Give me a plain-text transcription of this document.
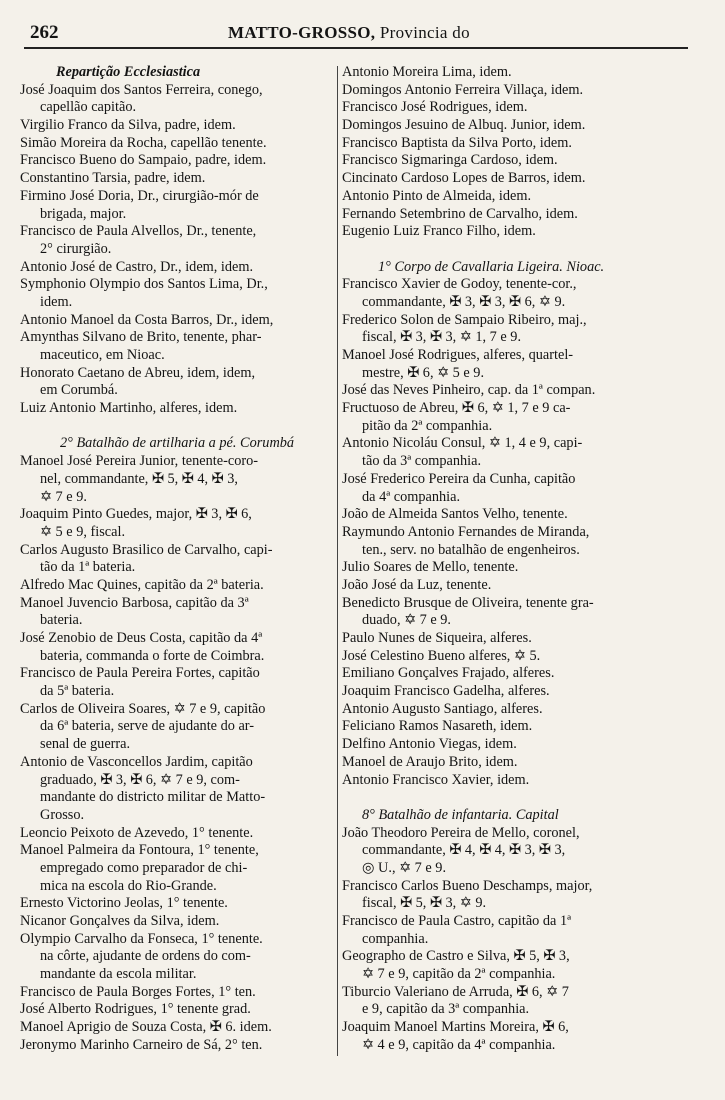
262	MATTO-GROSSO, Provincia do
Repartição Ecclesiastica
José Joaquim dos Santos Ferreira, conego,
capellão capitão.
Virgilio Franco da Silva, padre, idem.
Simão Moreira da Rocha, capellão tenente.
Francisco Bueno do Sampaio, padre, idem.
Constantino Tarsia, padre, idem.
Firmino José Doria, Dr., cirurgião-mór de
brigada, major.
Francisco de Paula Alvellos, Dr., tenente,
2° cirurgião.
Antonio José de Castro, Dr., idem, idem.
Symphonio Olympio dos Santos Lima, Dr.,
idem.
Antonio Manoel da Costa Barros, Dr., idem,
Amynthas Silvano de Brito, tenente, phar-
maceutico, em Nioac.
Honorato Caetano de Abreu, idem, idem,
em Corumbá.
Luiz Antonio Martinho, alferes, idem.
2° Batalhão de artilharia a pé. Corumbá
Manoel José Pereira Junior, tenente-coro-
nel, commandante, ✠ 5, ✠ 4, ✠ 3,
✡ 7 e 9.
Joaquim Pinto Guedes, major, ✠ 3, ✠ 6,
✡ 5 e 9, fiscal.
Carlos Augusto Brasilico de Carvalho, capi-
tão da 1ª bateria.
Alfredo Mac Quines, capitão da 2ª bateria.
Manoel Juvencio Barbosa, capitão da 3ª
bateria.
José Zenobio de Deus Costa, capitão da 4ª
bateria, commanda o forte de Coimbra.
Francisco de Paula Pereira Fortes, capitão
da 5ª bateria.
Carlos de Oliveira Soares, ✡ 7 e 9, capitão
da 6ª bateria, serve de ajudante do ar-
senal de guerra.
Antonio de Vasconcellos Jardim, capitão
graduado, ✠ 3, ✠ 6, ✡ 7 e 9, com-
mandante do districto militar de Matto-
Grosso.
Leoncio Peixoto de Azevedo, 1° tenente.
Manoel Palmeira da Fontoura, 1° tenente,
empregado como preparador de chi-
mica na escola do Rio-Grande.
Ernesto Victorino Jeolas, 1° tenente.
Nicanor Gonçalves da Silva, idem.
Olympio Carvalho da Fonseca, 1° tenente.
na côrte, ajudante de ordens do com-
mandante da escola militar.
Francisco de Paula Borges Fortes, 1° ten.
José Alberto Rodrigues, 1° tenente grad.
Manoel Aprigio de Souza Costa, ✠ 6. idem.
Jeronymo Marinho Carneiro de Sá, 2° ten.
Antonio Moreira Lima, idem.
Domingos Antonio Ferreira Villaça, idem.
Francisco José Rodrigues, idem.
Domingos Jesuino de Albuq. Junior, idem.
Francisco Baptista da Silva Porto, idem.
Francisco Sigmaringa Cardoso, idem.
Cincinato Cardoso Lopes de Barros, idem.
Antonio Pinto de Almeida, idem.
Fernando Setembrino de Carvalho, idem.
Eugenio Luiz Franco Filho, idem.
1° Corpo de Cavallaria Ligeira. Nioac.
Francisco Xavier de Godoy, tenente-cor.,
commandante, ✠ 3, ✠ 3, ✠ 6, ✡ 9.
Frederico Solon de Sampaio Ribeiro, maj.,
fiscal, ✠ 3, ✠ 3, ✡ 1, 7 e 9.
Manoel José Rodrigues, alferes, quartel-
mestre, ✠ 6, ✡ 5 e 9.
José das Neves Pinheiro, cap. da 1ª compan.
Fructuoso de Abreu, ✠ 6, ✡ 1, 7 e 9 ca-
pitão da 2ª companhia.
Antonio Nicoláu Consul, ✡ 1, 4 e 9, capi-
tão da 3ª companhia.
José Frederico Pereira da Cunha, capitão
da 4ª companhia.
João de Almeida Santos Velho, tenente.
Raymundo Antonio Fernandes de Miranda,
ten., serv. no batalhão de engenheiros.
Julio Soares de Mello, tenente.
João José da Luz, tenente.
Benedicto Brusque de Oliveira, tenente gra-
duado, ✡ 7 e 9.
Paulo Nunes de Siqueira, alferes.
José Celestino Bueno alferes, ✡ 5.
Emiliano Gonçalves Frajado, alferes.
Joaquim Francisco Gadelha, alferes.
Antonio Augusto Santiago, alferes.
Feliciano Ramos Nasareth, idem.
Delfino Antonio Viegas, idem.
Manoel de Araujo Brito, idem.
Antonio Francisco Xavier, idem.
8° Batalhão de infantaria. Capital
João Theodoro Pereira de Mello, coronel,
commandante, ✠ 4, ✠ 4, ✠ 3, ✠ 3,
◎ U., ✡ 7 e 9.
Francisco Carlos Bueno Deschamps, major,
fiscal, ✠ 5, ✠ 3, ✡ 9.
Francisco de Paula Castro, capitão da 1ª
companhia.
Geographo de Castro e Silva, ✠ 5, ✠ 3,
✡ 7 e 9, capitão da 2ª companhia.
Tiburcio Valeriano de Arruda, ✠ 6, ✡ 7
e 9, capitão da 3ª companhia.
Joaquim Manoel Martins Moreira, ✠ 6,
✡ 4 e 9, capitão da 4ª companhia.
